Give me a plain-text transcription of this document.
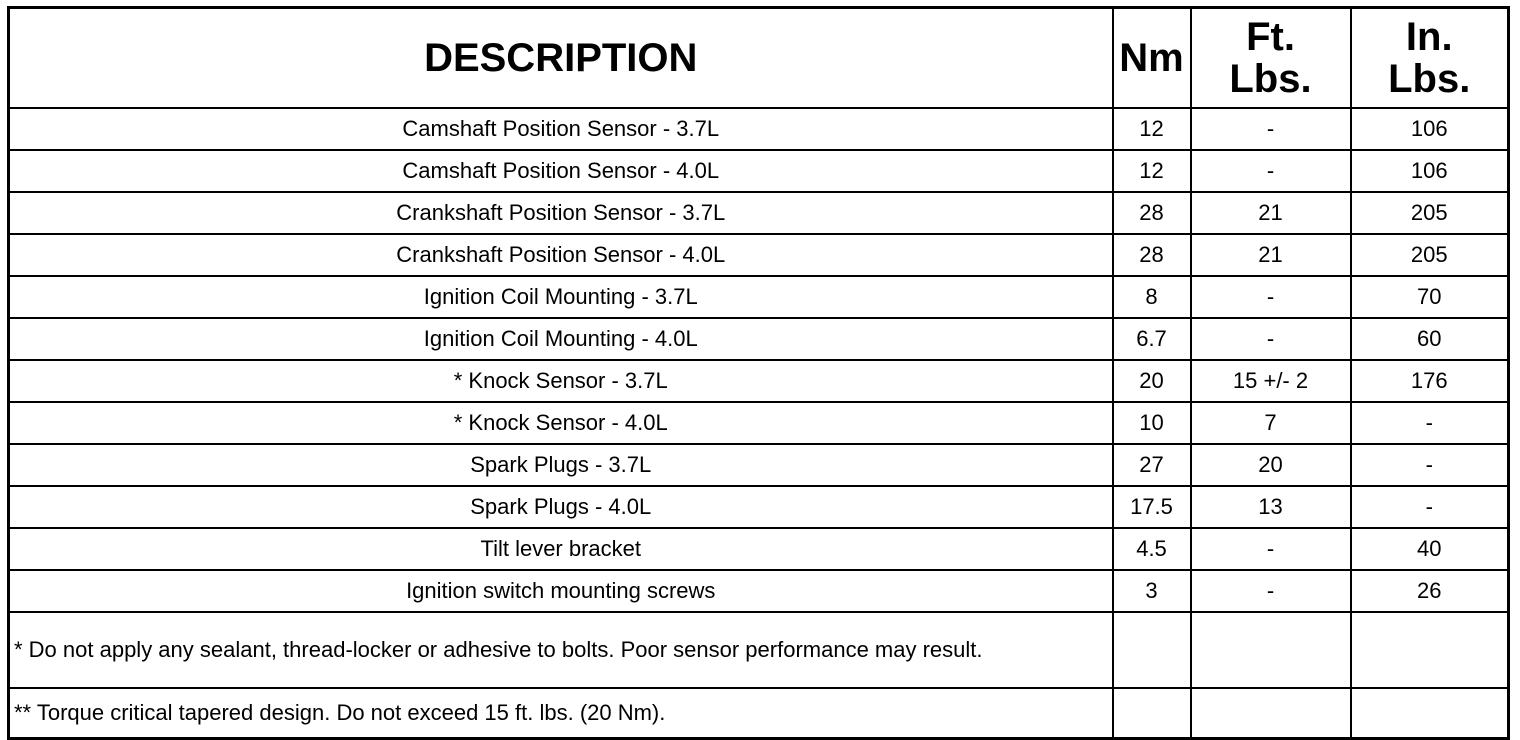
DESCRIPTION	Nm	Ft. Lbs.	In. Lbs.
Camshaft Position Sensor - 3.7L	12	-	106
Camshaft Position Sensor - 4.0L	12	-	106
Crankshaft Position Sensor - 3.7L	28	21	205
Crankshaft Position Sensor - 4.0L	28	21	205
Ignition Coil Mounting - 3.7L	8	-	70
Ignition Coil Mounting - 4.0L	6.7	-	60
* Knock Sensor - 3.7L	20	15 +/- 2	176
* Knock Sensor - 4.0L	10	7	-
Spark Plugs - 3.7L	27	20	-
Spark Plugs - 4.0L	17.5	13	-
Tilt lever bracket	4.5	-	40
Ignition switch mounting screws	3	-	26
* Do not apply any sealant, thread-locker or adhesive to bolts. Poor sensor performance may result.			
** Torque critical tapered design. Do not exceed 15 ft. lbs. (20 Nm).			
